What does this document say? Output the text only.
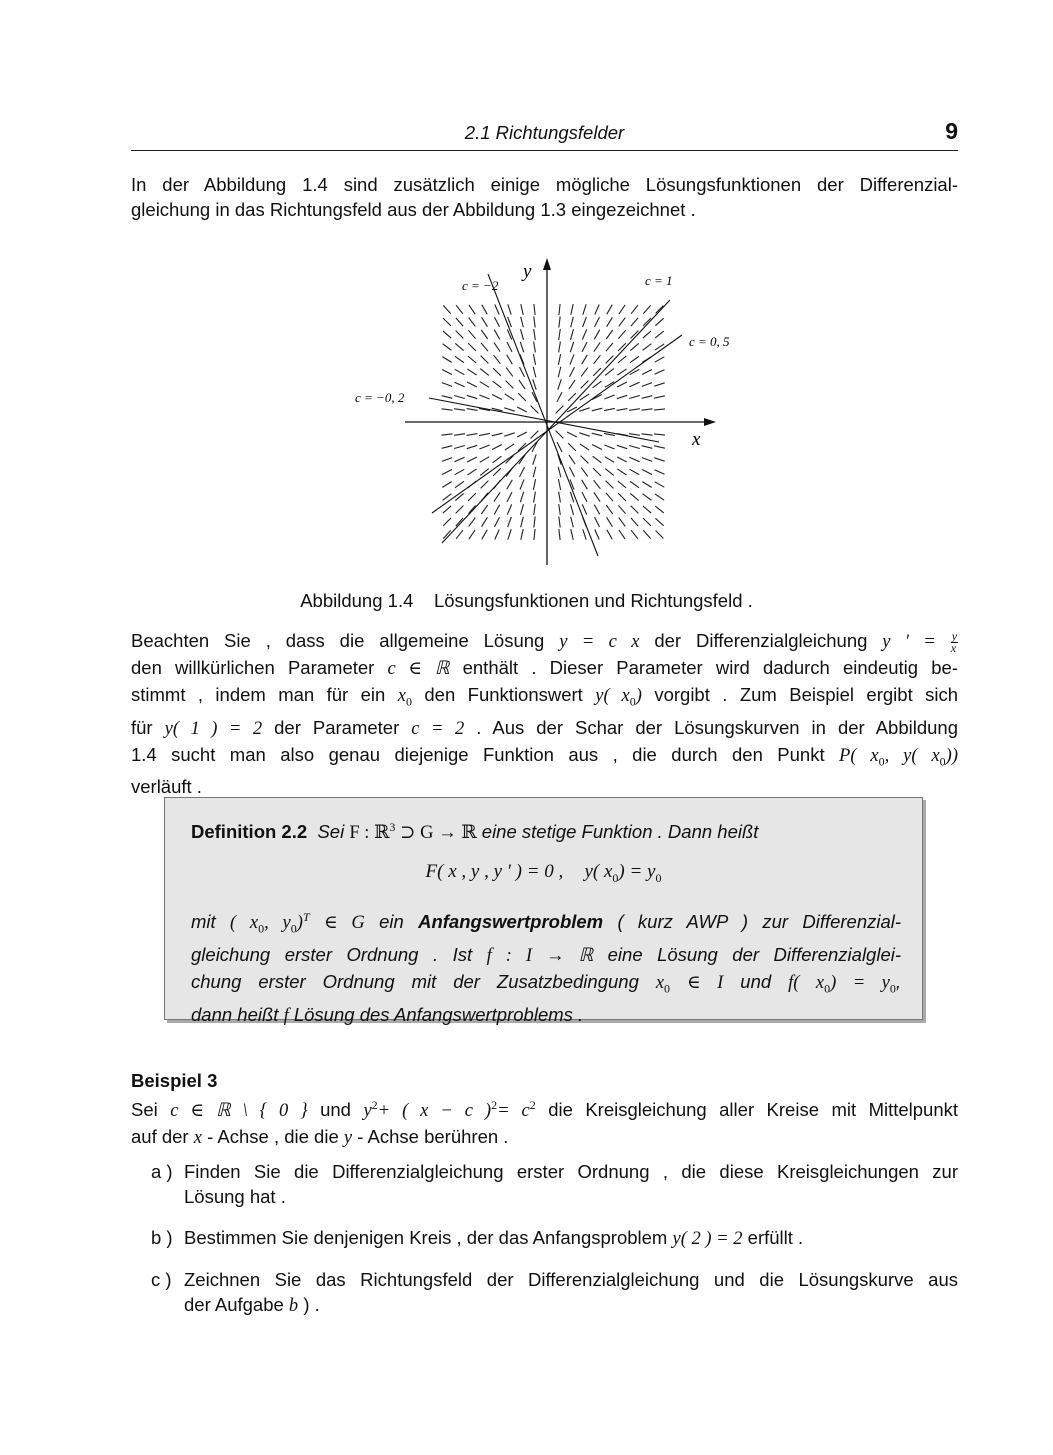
2.1 Richtungsfelder	9
In der Abbildung 1.4 sind zusätzlich einige mögliche Lösungsfunktionen der Differenzial-
gleichung in das Richtungsfeld aus der Abbildung 1.3 eingezeichnet .
x
y
c = −2	c = 1
c = 0, 5
c = −0, 2
Abbildung 1.4 Lösungsfunktionen und Richtungsfeld .
Beachten Sie , dass die allgemeine Lösung y = c x der Differenzialgleichung y ′ = $\frac{y}{x}$
den willkürlichen Parameter c ∈ ℝ enthält . Dieser Parameter wird dadurch eindeutig be-
stimmt , indem man für ein $x_0$ den Funktionswert y( $x_0$) vorgibt . Zum Beispiel ergibt sich
für y( 1 ) = 2 der Parameter c = 2 . Aus der Schar der Lösungskurven in der Abbildung
1.4 sucht man also genau diejenige Funktion aus , die durch den Punkt P( $x_0$, y( $x_0$))
verläuft .
Definition 2.2 Sei F : ℝ$^3$ ⊃ G → ℝ eine stetige Funktion . Dann heißt
F( x , y , y ′ ) = 0 , y( $x_0) = y_0$
mit ( $x_0$, $y_0)^T$ ∈ G ein Anfangswertproblem ( kurz AWP ) zur Differenzial-
gleichung erster Ordnung . Ist f : I → ℝ eine Lösung der Differenzialglei-
chung erster Ordnung mit der Zusatzbedingung $x_0$ ∈ I und f( $x_0) = y_0$,
dann heißt f Lösung des Anfangswertproblems .
Beispiel 3
Sei c ∈ ℝ \ { 0 } und $y^2+$ ( x − c )$^2= c^2$ die Kreisgleichung aller Kreise mit Mittelpunkt
auf der x - Achse , die die y - Achse berühren .
a ) Finden Sie die Differenzialgleichung erster Ordnung , die diese Kreisgleichungen zur
Lösung hat .
b ) Bestimmen Sie denjenigen Kreis , der das Anfangsproblem y( 2 ) = 2 erfüllt .
c ) Zeichnen Sie das Richtungsfeld der Differenzialgleichung und die Lösungskurve aus
der Aufgabe b ) .
